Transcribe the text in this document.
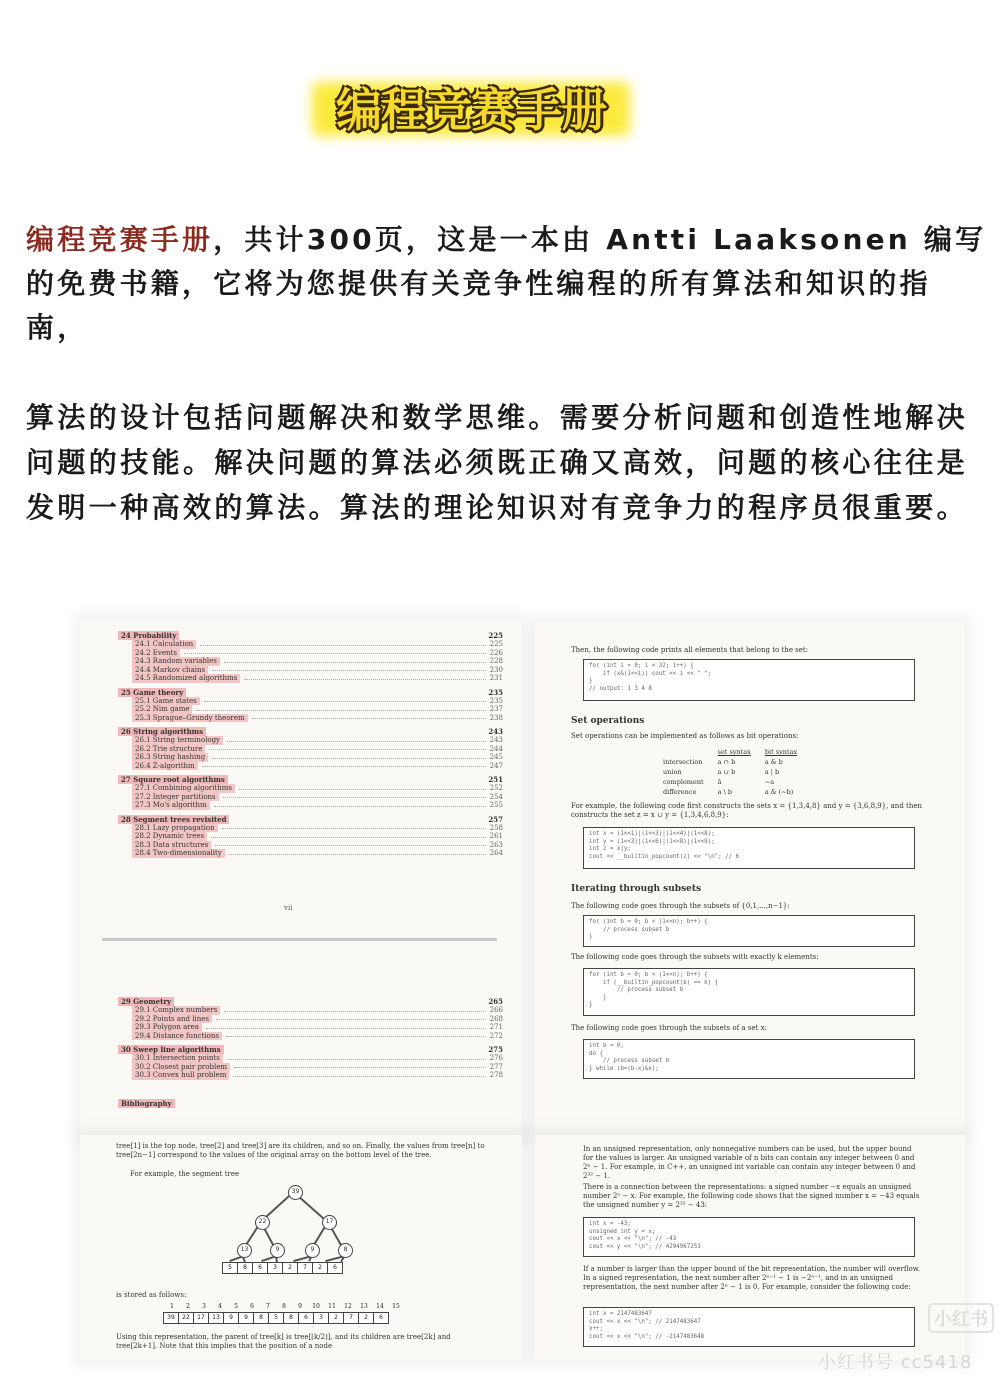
编程竞赛手册

编程竞赛手册，共计300页，这是一本由 Antti Laaksonen 编写的免费书籍，它将为您提供有关竞争性编程的所有算法和知识的指南，

算法的设计包括问题解决和数学思维。需要分析问题和创造性地解决问题的技能。解决问题的算法必须既正确又高效，问题的核心往往是发明一种高效的算法。算法的理论知识对有竞争力的程序员很重要。

24 Probability	225
24.1 Calculation	225
24.2 Events	226
24.3 Random variables	228
24.4 Markov chains	230
24.5 Randomized algorithms	231
25 Game theory	235
25.1 Game states	235
25.2 Nim game	237
25.3 Sprague–Grundy theorem	238
26 String algorithms	243
26.1 String terminology	243
26.2 Trie structure	244
26.3 String hashing	245
26.4 Z-algorithm	247
27 Square root algorithms	251
27.1 Combining algorithms	252
27.2 Integer partitions	254
27.3 Mo's algorithm	255
28 Segment trees revisited	257
28.1 Lazy propagation	258
28.2 Dynamic trees	261
28.3 Data structures	263
28.4 Two-dimensionality	264
vii
29 Geometry	265
29.1 Complex numbers	266
29.2 Points and lines	268
29.3 Polygon area	271
29.4 Distance functions	272
30 Sweep line algorithms	275
30.1 Intersection points	276
30.2 Closest pair problem	277
30.3 Convex hull problem	278
Bibliography
Then, the following code prints all elements that belong to the set:
for (int i = 0; i < 32; i++) {
if (x&(1<<i)) cout << i << " ";
}
// output: 1 3 4 8
Set operations
Set operations can be implemented as follows as bit operations:
	set syntax	bit syntax
intersection	a ∩ b	a & b
union	a ∪ b	a | b
complement	ā	~a
difference	a \ b	a & (~b)
For example, the following code first constructs the sets x = {1,3,4,8} and y = {3,6,8,9}, and then constructs the set z = x ∪ y = {1,3,4,6,8,9}:
int x = (1<<1)|(1<<3)|(1<<4)|(1<<8);
int y = (1<<3)|(1<<6)|(1<<8)|(1<<9);
int z = x|y;
cout << __builtin_popcount(z) << "\n"; // 6
Iterating through subsets
The following code goes through the subsets of {0,1,...,n−1}:
for (int b = 0; b < (1<<n); b++) {
// process subset b
}
The following code goes through the subsets with exactly k elements:
for (int b = 0; b < (1<<n); b++) {
if (__builtin_popcount(b) == k) {
// process subset b
}
}
The following code goes through the subsets of a set x:
int b = 0;
do {
// process subset b
} while (b=(b-x)&x);
tree[1] is the top node, tree[2] and tree[3] are its children, and so on. Finally, the values from tree[n] to tree[2n−1] correspond to the values of the original array on the bottom level of the tree.
For example, the segment tree
39
22	17
13	9	9	8
5	8	6	3	2	7	2	6
is stored as follows:
1	2	3	4	5	6	7	8	9	10	11	12	13	14	15
39	22	17	13	9	9	8	5	8	6	3	2	7	2	6
Using this representation, the parent of tree[k] is tree[⌊k/2⌋], and its children are tree[2k] and tree[2k+1]. Note that this implies that the position of a node
In an unsigned representation, only nonnegative numbers can be used, but the upper bound for the values is larger. An unsigned variable of n bits can contain any integer between 0 and 2ⁿ − 1. For example, in C++, an unsigned int variable can contain any integer between 0 and 2³² − 1.
There is a connection between the representations: a signed number −x equals an unsigned number 2ⁿ − x. For example, the following code shows that the signed number x = −43 equals the unsigned number y = 2³² − 43:
int x = -43;
unsigned int y = x;
cout << x << "\n"; // -43
cout << y << "\n"; // 4294967253
If a number is larger than the upper bound of the bit representation, the number will overflow. In a signed representation, the next number after 2ⁿ⁻¹ − 1 is −2ⁿ⁻¹, and in an unsigned representation, the next number after 2ⁿ − 1 is 0. For example, consider the following code:
int x = 2147483647
cout << x << "\n"; // 2147483647
x++;
cout << x << "\n"; // -2147483648
小红书
小红书号 cc5418
